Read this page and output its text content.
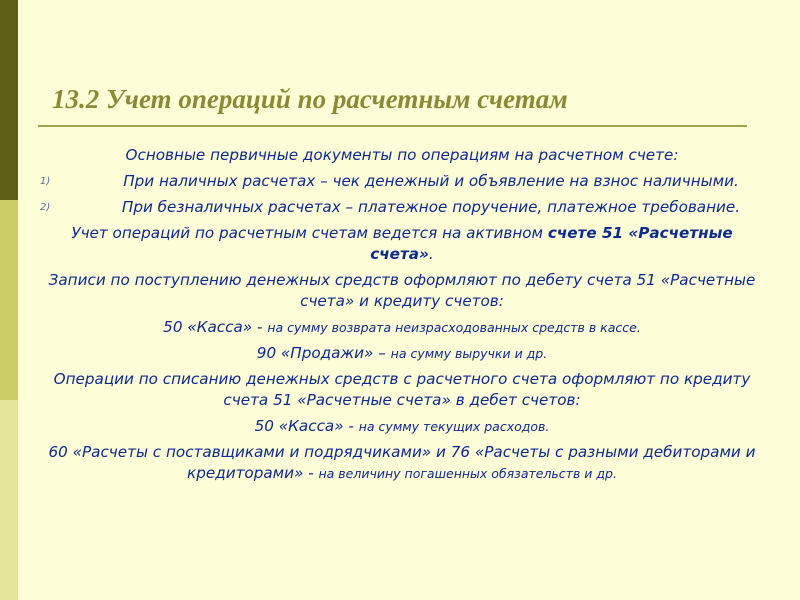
13.2 Учет операций по расчетным счетам

Основные первичные документы по операциям на расчетном счете:

1)	При наличных расчетах – чек денежный и объявление на взнос наличными.
2)	При безналичных расчетах – платежное поручение, платежное требование.

Учет операций по расчетным счетам ведется на активном счете 51 «Расчетные счета».

Записи по поступлению денежных средств оформляют по дебету счета 51 «Расчетные счета» и кредиту счетов:

50 «Касса» - на сумму возврата неизрасходованных средств в кассе.

90 «Продажи» – на сумму выручки и др.

Операции по списанию денежных средств с расчетного счета оформляют по кредиту счета 51 «Расчетные счета» в дебет счетов:

50 «Касса» - на сумму текущих расходов.

60 «Расчеты с поставщиками и подрядчиками» и 76 «Расчеты с разными дебиторами и кредиторами» - на величину погашенных обязательств и др.
